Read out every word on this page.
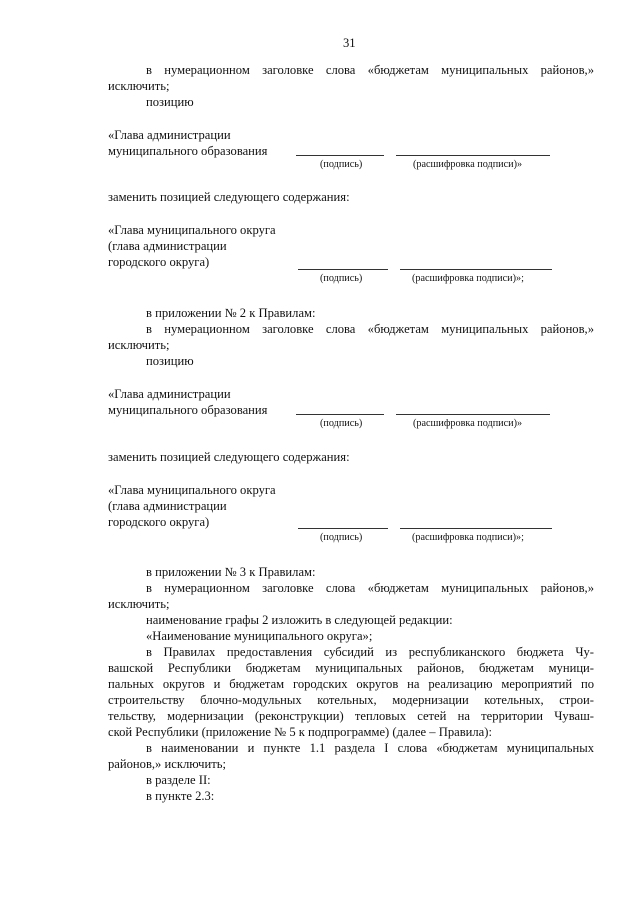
31
в нумерационном заголовке слова «бюджетам муниципальных районов,»
исключить;
позицию
«Глава администрации
муниципального образования
(подпись)	(расшифровка подписи)»
заменить позицией следующего содержания:
«Глава муниципального округа
(глава администрации
городского округа)
(подпись)	(расшифровка подписи)»;
в приложении № 2 к Правилам:
в нумерационном заголовке слова «бюджетам муниципальных районов,»
исключить;
позицию
«Глава администрации
муниципального образования
(подпись)	(расшифровка подписи)»
заменить позицией следующего содержания:
«Глава муниципального округа
(глава администрации
городского округа)
(подпись)	(расшифровка подписи)»;
в приложении № 3 к Правилам:
в нумерационном заголовке слова «бюджетам муниципальных районов,»
исключить;
наименование графы 2 изложить в следующей редакции:
«Наименование муниципального округа»;
в Правилах предоставления субсидий из республиканского бюджета Чу-
вашской Республики бюджетам муниципальных районов, бюджетам муници-
пальных округов и бюджетам городских округов на реализацию мероприятий по
строительству блочно-модульных котельных, модернизации котельных, строи-
тельству, модернизации (реконструкции) тепловых сетей на территории Чуваш-
ской Республики (приложение № 5 к подпрограмме) (далее – Правила):
в наименовании и пункте 1.1 раздела I слова «бюджетам муниципальных
районов,» исключить;
в разделе II:
в пункте 2.3:
